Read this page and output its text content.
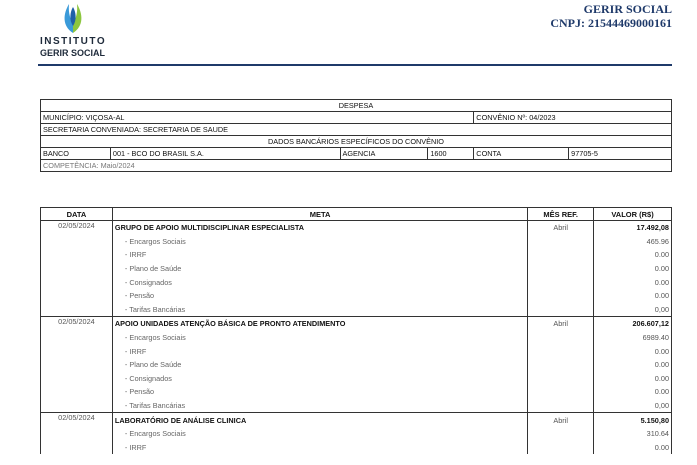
INSTITUTO
GERIR SOCIAL
GERIR SOCIAL
CNPJ: 21544469000161
DESPESA					
MUNICÍPIO: VIÇOSA-AL				CONVÊNIO Nº: 04/2023	
SECRETARIA CONVENIADA: SECRETARIA DE SAUDE					
DADOS BANCÁRIOS ESPECÍFICOS DO CONVÊNIO					
BANCO	001 - BCO DO BRASIL S.A.	AGENCIA	1600	CONTA	97705-5
COMPETÊNCIA: Maio/2024					
DATA	META	MÊS REF.	VALOR (R$)
02/05/2024	GRUPO DE APOIO MULTIDISCIPLINAR ESPECIALISTA	Abril	17.492,08
	- Encargos Sociais		465.96
	- IRRF		0.00
	- Plano de Saúde		0.00
	- Consignados		0.00
	- Pensão		0.00
	- Tarifas Bancárias		0,00
02/05/2024	APOIO UNIDADES ATENÇÃO BÁSICA DE PRONTO ATENDIMENTO	Abril	206.607,12
	- Encargos Sociais		6989.40
	- IRRF		0.00
	- Plano de Saúde		0.00
	- Consignados		0.00
	- Pensão		0.00
	- Tarifas Bancárias		0,00
02/05/2024	LABORATÓRIO DE ANÁLISE CLINICA	Abril	5.150,80
	- Encargos Sociais		310.64
	- IRRF		0.00
